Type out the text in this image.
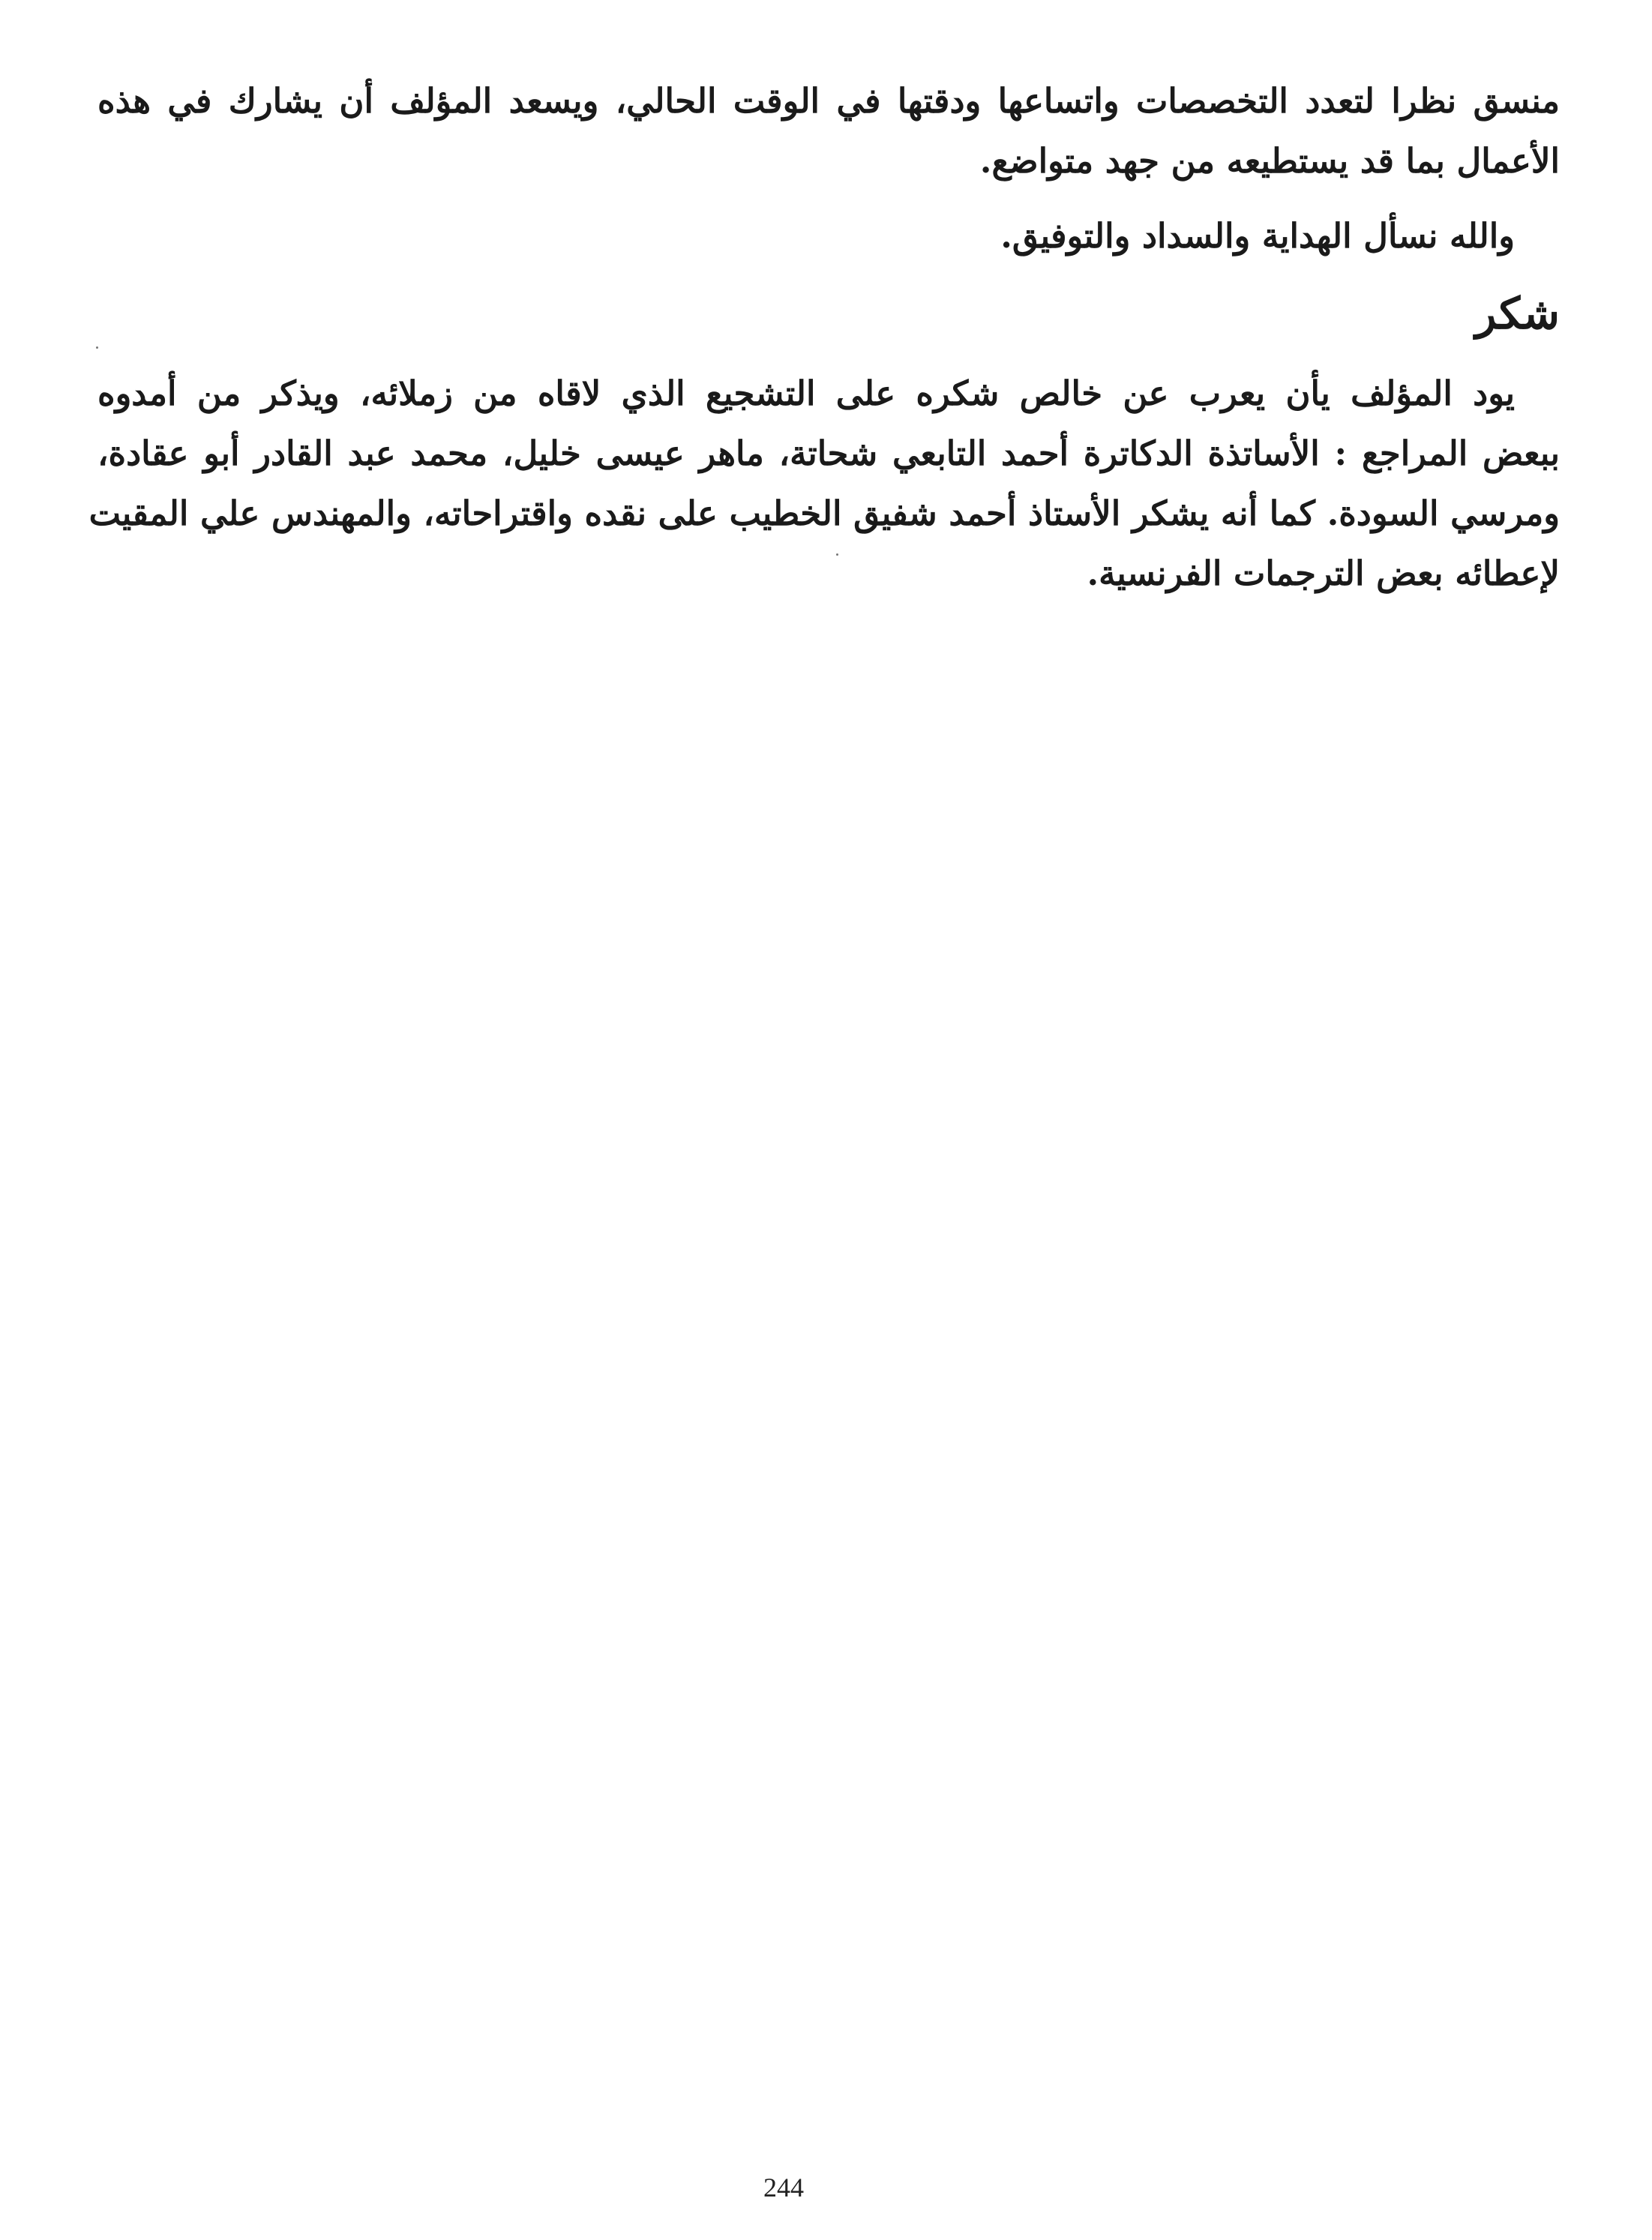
منسق نظرا لتعدد التخصصات واتساعها ودقتها في الوقت الحالي، ويسعد المؤلف أن يشارك في هذه
الأعمال بما قد يستطيعه من جهد متواضع.
والله نسأل الهداية والسداد والتوفيق.
شكر
يود المؤلف يأن يعرب عن خالص شكره على التشجيع الذي لاقاه من زملائه، ويذكر من أمدوه
ببعض المراجع : الأساتذة الدكاترة أحمد التابعي شحاتة، ماهر عيسى خليل، محمد عبد القادر أبو عقادة،
ومرسي السودة. كما أنه يشكر الأستاذ أحمد شفيق الخطيب على نقده واقتراحاته، والمهندس علي المقيت
لإعطائه بعض الترجمات الفرنسية.
244
